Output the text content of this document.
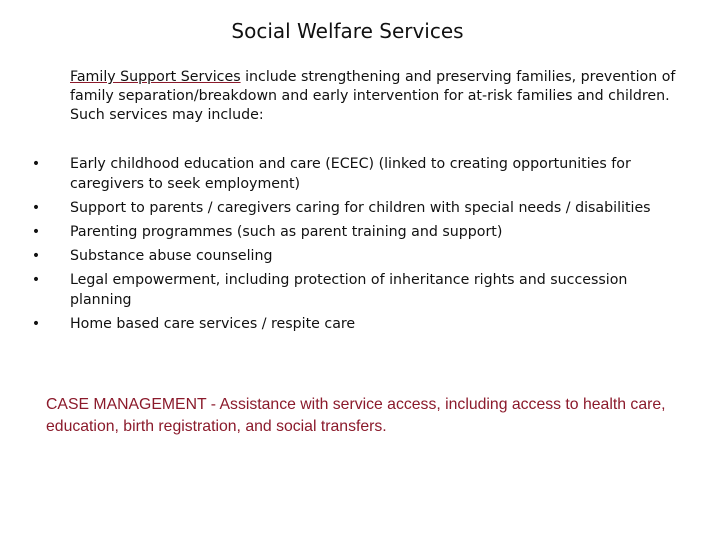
Social Welfare Services
Family Support Services include strengthening and preserving families, prevention of family separation/breakdown and early intervention for at-risk families and children. Such services may include:
• Early childhood education and care (ECEC) (linked to creating opportunities for caregivers to seek employment)
• Support to parents / caregivers caring for children with special needs / disabilities
• Parenting programmes (such as parent training and support)
• Substance abuse counseling
• Legal empowerment, including protection of inheritance rights and succession planning
• Home based care services / respite care
CASE MANAGEMENT - Assistance with service access, including access to health care, education, birth registration, and social transfers.
